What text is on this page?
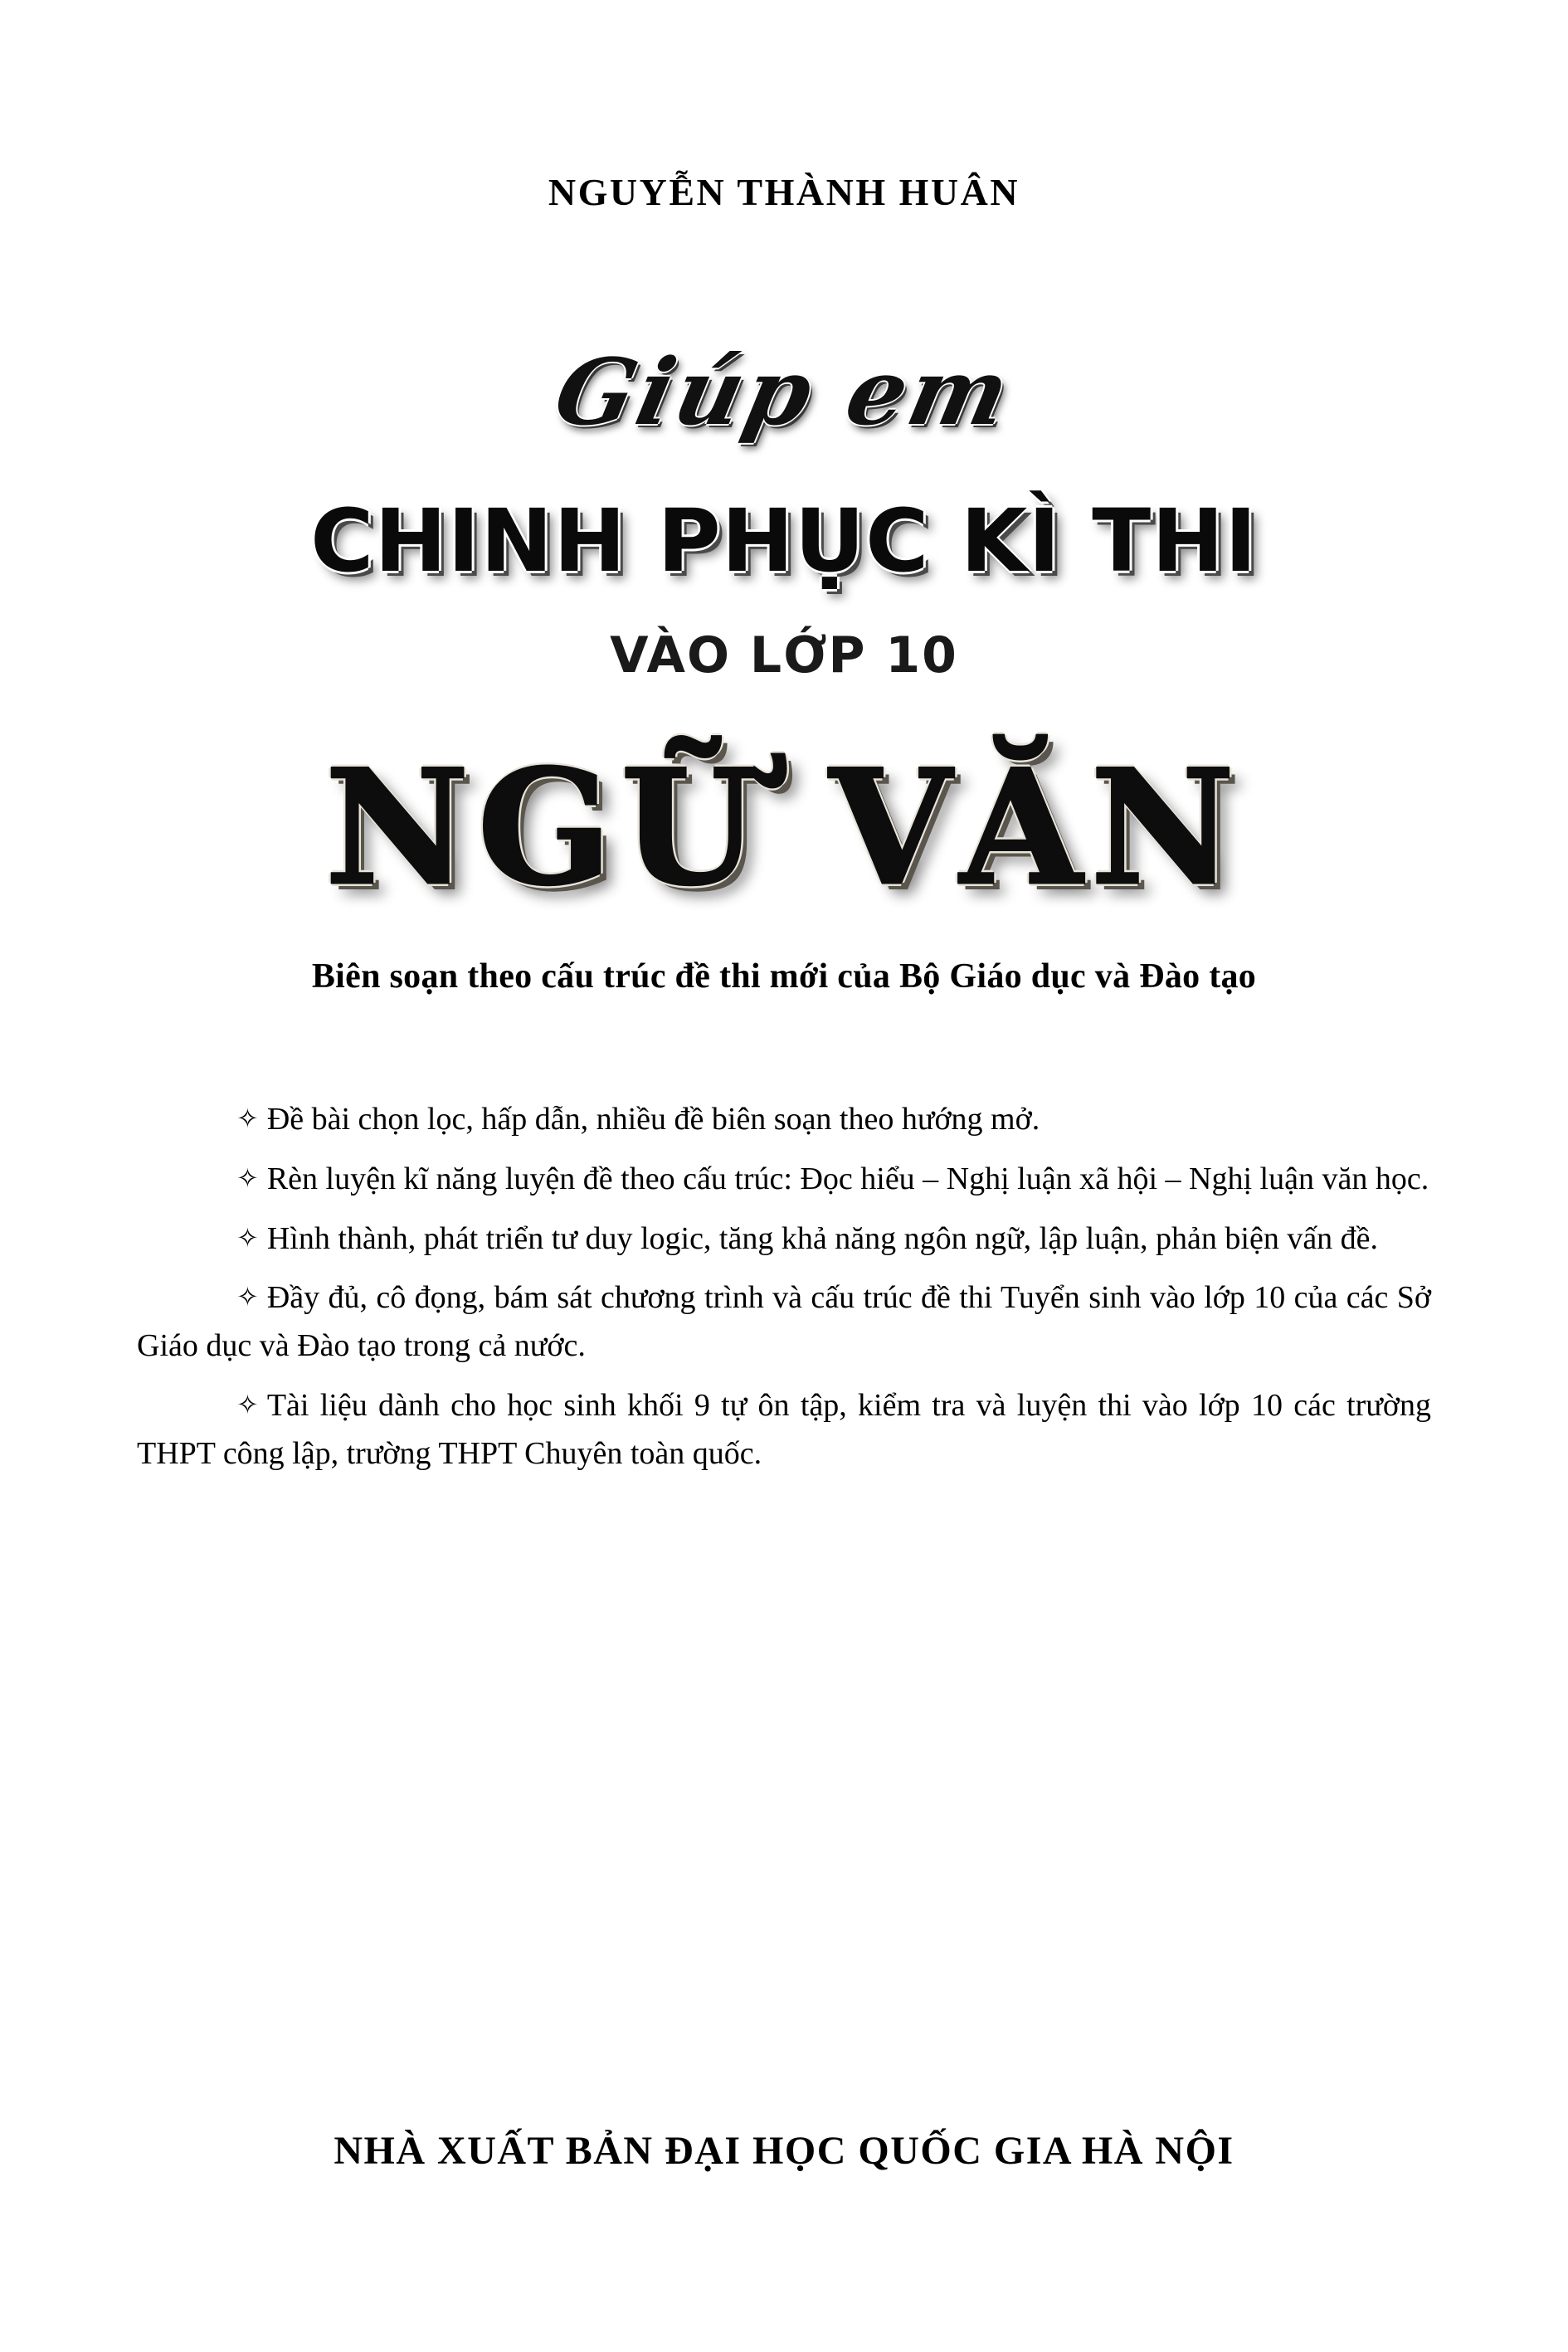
NGUYỄN THÀNH HUÂN
Giúp em
CHINH PHỤC KÌ THI
VÀO LỚP 10
NGỮ VĂN
Biên soạn theo cấu trúc đề thi mới của Bộ Giáo dục và Đào tạo

✧ Đề bài chọn lọc, hấp dẫn, nhiều đề biên soạn theo hướng mở.

✧ Rèn luyện kĩ năng luyện đề theo cấu trúc: Đọc hiểu – Nghị luận xã hội – Nghị luận văn học.

✧ Hình thành, phát triển tư duy logic, tăng khả năng ngôn ngữ, lập luận, phản biện vấn đề.

✧ Đầy đủ, cô đọng, bám sát chương trình và cấu trúc đề thi Tuyển sinh vào lớp 10 của các Sở Giáo dục và Đào tạo trong cả nước.

✧ Tài liệu dành cho học sinh khối 9 tự ôn tập, kiểm tra và luyện thi vào lớp 10 các trường THPT công lập, trường THPT Chuyên toàn quốc.

NHÀ XUẤT BẢN ĐẠI HỌC QUỐC GIA HÀ NỘI
